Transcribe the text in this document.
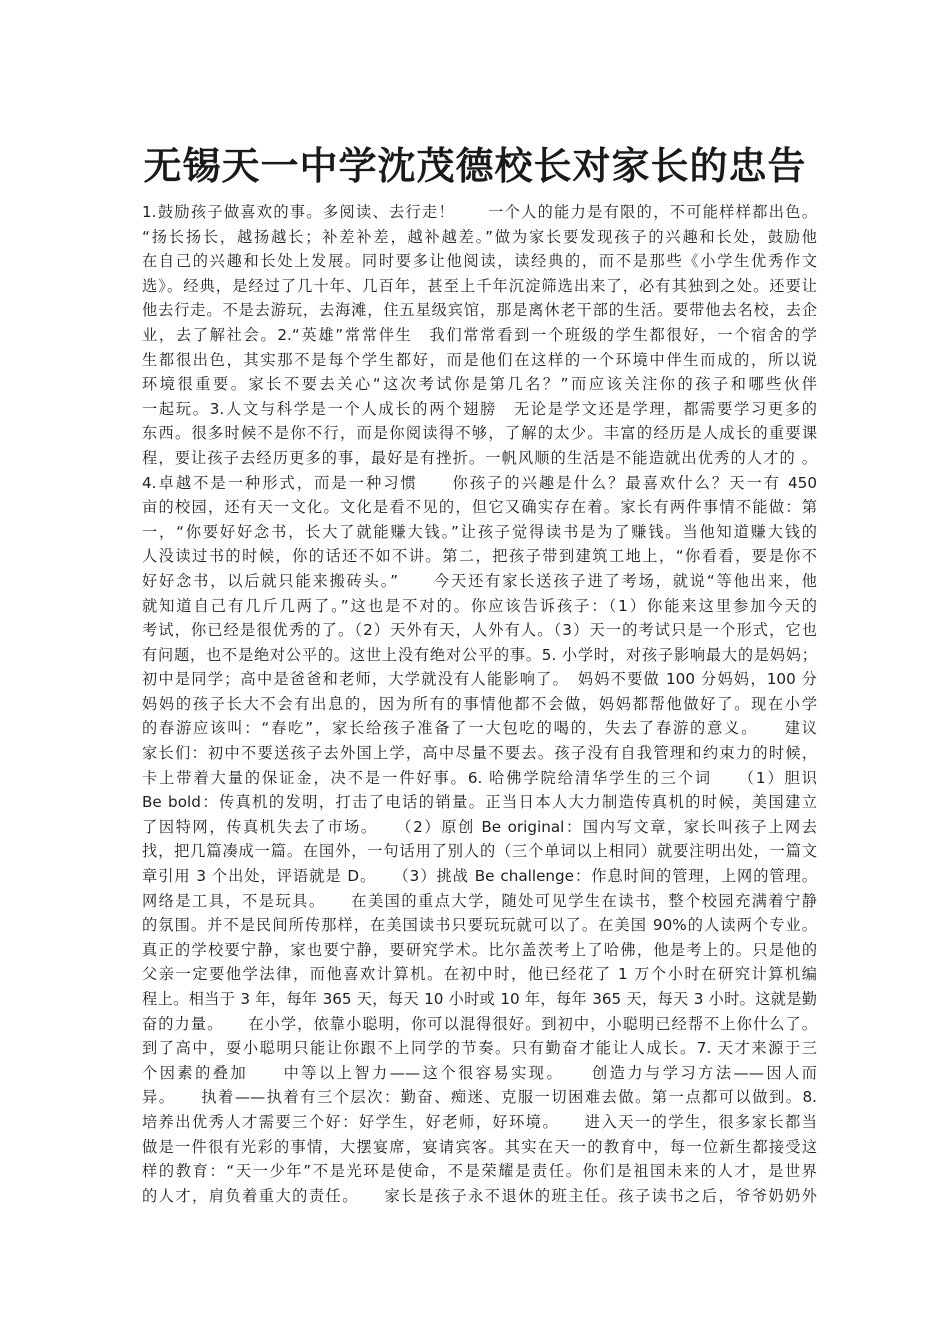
无锡天一中学沈茂德校长对家长的忠告
1.鼓励孩子做喜欢的事。多阅读、去行走！　　一个人的能力是有限的，不可能样样都出色。
“扬长扬长，越扬越长；补差补差，越补越差。”做为家长要发现孩子的兴趣和长处，鼓励他
在自己的兴趣和长处上发展。同时要多让他阅读，读经典的，而不是那些《小学生优秀作文
选》。经典，是经过了几十年、几百年，甚至上千年沉淀筛选出来了，必有其独到之处。还要让
他去行走。不是去游玩，去海滩，住五星级宾馆，那是离休老干部的生活。要带他去名校，去企
业，去了解社会。2.“英雄”常常伴生　我们常常看到一个班级的学生都很好，一个宿舍的学
生都很出色，其实那不是每个学生都好，而是他们在这样的一个环境中伴生而成的，所以说
环境很重要。家长不要去关心“这次考试你是第几名？”而应该关注你的孩子和哪些伙伴
一起玩。3.人文与科学是一个人成长的两个翅膀　无论是学文还是学理，都需要学习更多的
东西。很多时候不是你不行，而是你阅读得不够，了解的太少。丰富的经历是人成长的重要课
程，要让孩子去经历更多的事，最好是有挫折。一帆风顺的生活是不能造就出优秀的人才的 。
4.卓越不是一种形式，而是一种习惯　　你孩子的兴趣是什么？最喜欢什么？天一有 450
亩的校园，还有天一文化。文化是看不见的，但它又确实存在着。家长有两件事情不能做：第
一，“你要好好念书，长大了就能赚大钱。”让孩子觉得读书是为了赚钱。当他知道赚大钱的
人没读过书的时候，你的话还不如不讲。第二，把孩子带到建筑工地上，“你看看，要是你不
好好念书，以后就只能来搬砖头。”　　今天还有家长送孩子进了考场，就说“等他出来，他
就知道自己有几斤几两了。”这也是不对的。你应该告诉孩子：（1）你能来这里参加今天的
考试，你已经是很优秀的了。（2）天外有天，人外有人。（3）天一的考试只是一个形式，它也
有问题，也不是绝对公平的。这世上没有绝对公平的事。5. 小学时，对孩子影响最大的是妈妈；
初中是同学；高中是爸爸和老师，大学就没有人能影响了。　妈妈不要做 100 分妈妈，100 分
妈妈的孩子长大不会有出息的，因为所有的事情他都不会做，妈妈都帮他做好了。现在小学
的春游应该叫：“春吃”，家长给孩子准备了一大包吃的喝的，失去了春游的意义。　　建议
家长们：初中不要送孩子去外国上学，高中尽量不要去。孩子没有自我管理和约束力的时候，
卡上带着大量的保证金，决不是一件好事。6. 哈佛学院给清华学生的三个词　　（1）胆识
Be bold：传真机的发明，打击了电话的销量。正当日本人大力制造传真机的时候，美国建立
了因特网，传真机失去了市场。　　（2）原创 Be original：国内写文章，家长叫孩子上网去
找，把几篇凑成一篇。在国外，一句话用了别人的（三个单词以上相同）就要注明出处，一篇文
章引用 3 个出处，评语就是 D。　　（3）挑战 Be challenge：作息时间的管理，上网的管理。
网络是工具，不是玩具。　　在美国的重点大学，随处可见学生在读书，整个校园充满着宁静
的氛围。并不是民间所传那样，在美国读书只要玩玩就可以了。在美国 90%的人读两个专业。
真正的学校要宁静，家也要宁静，要研究学术。比尔盖茨考上了哈佛，他是考上的。只是他的
父亲一定要他学法律，而他喜欢计算机。在初中时，他已经花了 1 万个小时在研究计算机编
程上。相当于 3 年，每年 365 天，每天 10 小时或 10 年，每年 365 天，每天 3 小时。这就是勤
奋的力量。　　在小学，依靠小聪明，你可以混得很好。到初中，小聪明已经帮不上你什么了。
到了高中，耍小聪明只能让你跟不上同学的节奏。只有勤奋才能让人成长。7. 天才来源于三
个因素的叠加　　中等以上智力——这个很容易实现。　　创造力与学习方法——因人而
异。　　执着——执着有三个层次：勤奋、痴迷、克服一切困难去做。第一点都可以做到。8.
培养出优秀人才需要三个好：好学生，好老师，好环境。　　进入天一的学生，很多家长都当
做是一件很有光彩的事情，大摆宴席，宴请宾客。其实在天一的教育中，每一位新生都接受这
样的教育：“天一少年”不是光环是使命，不是荣耀是责任。你们是祖国未来的人才，是世界
的人才，肩负着重大的责任。　　家长是孩子永不退休的班主任。孩子读书之后，爷爷奶奶外
